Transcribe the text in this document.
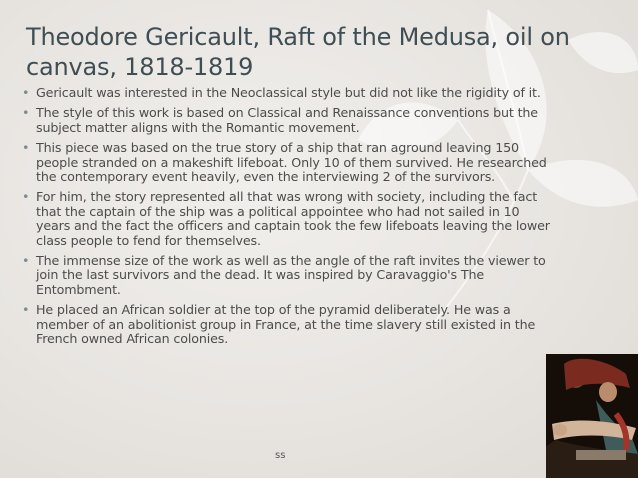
Theodore Gericault, Raft of the Medusa, oil on canvas, 1818-1819
• Gericault was interested in the Neoclassical style but did not like the rigidity of it.
• The style of this work is based on Classical and Renaissance conventions but the subject matter aligns with the Romantic movement.
• This piece was based on the true story of a ship that ran aground leaving 150 people stranded on a makeshift lifeboat. Only 10 of them survived. He researched the contemporary event heavily, even the interviewing 2 of the survivors.
• For him, the story represented all that was wrong with society, including the fact that the captain of the ship was a political appointee who had not sailed in 10 years and the fact the officers and captain took the few lifeboats leaving the lower class people to fend for themselves.
• The immense size of the work as well as the angle of the raft invites the viewer to join the last survivors and the dead. It was inspired by Caravaggio's The Entombment.
• He placed an African soldier at the top of the pyramid deliberately. He was a member of an abolitionist group in France, at the time slavery still existed in the French owned African colonies.
ss
